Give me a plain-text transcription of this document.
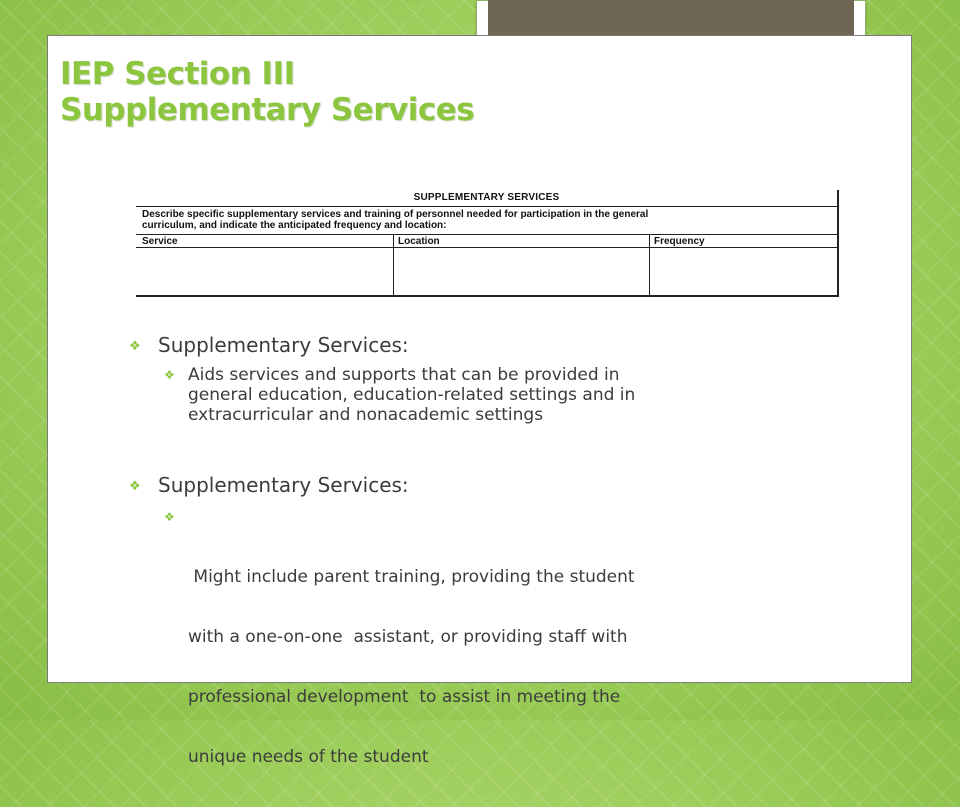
IEP Section III
Supplementary Services
SUPPLEMENTARY SERVICES
Describe specific supplementary services and training of personnel needed for participation in the general
curriculum, and indicate the anticipated frequency and location:
Service	Location	Frequency
❖ Supplementary Services:
❖ Aids services and supports that can be provided in
general education, education-related settings and in
extracurricular and nonacademic settings
❖ Supplementary Services:

❖

Might include parent training, providing the student

with a one-on-one  assistant, or providing staff with

professional development  to assist in meeting the

unique needs of the student
